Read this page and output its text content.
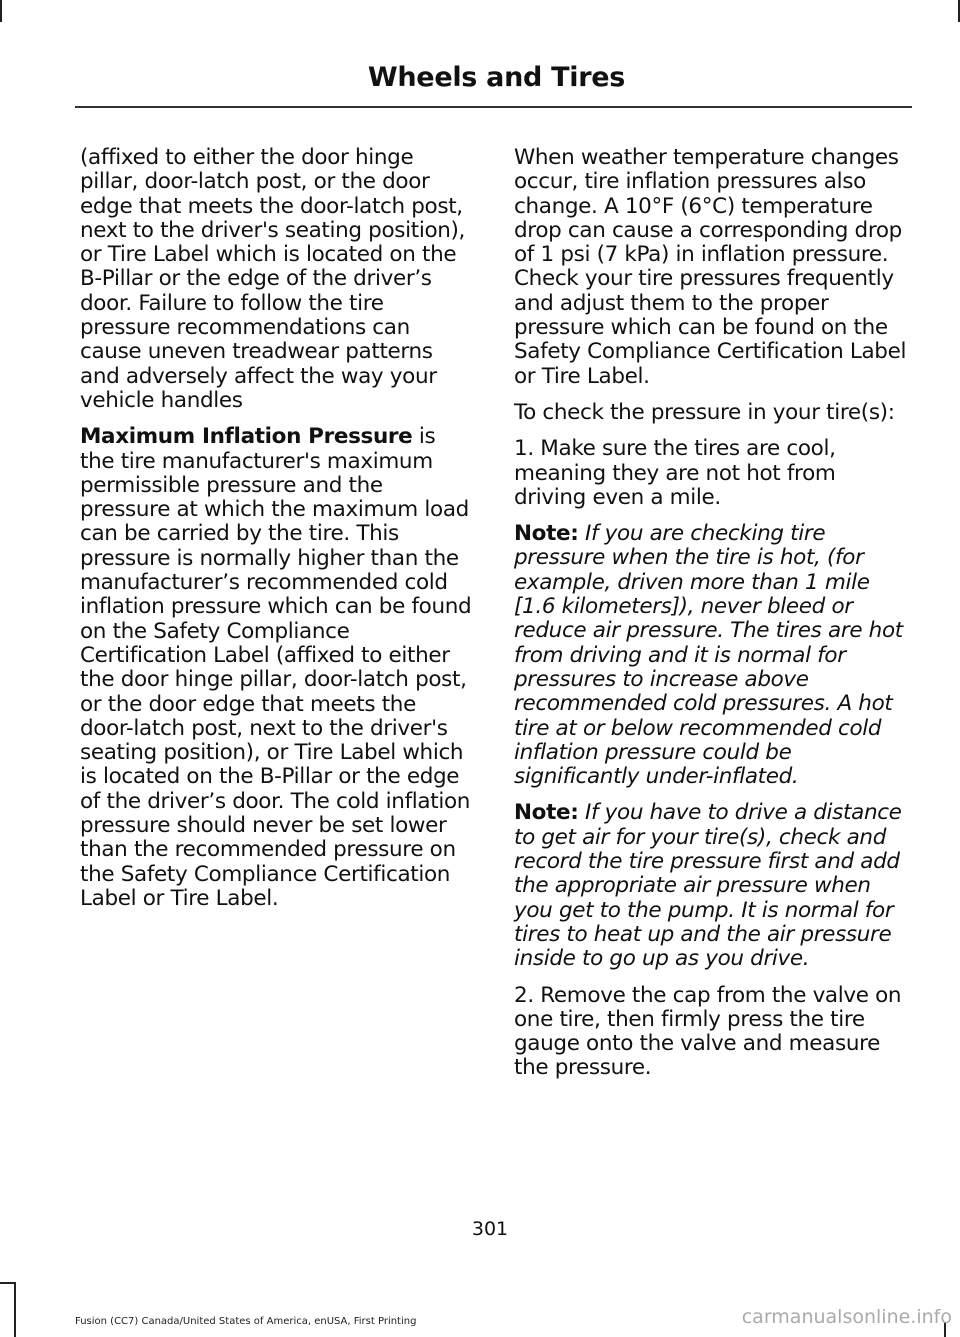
Wheels and Tires

(affixed to either the door hinge pillar, door-latch post, or the door edge that meets the door-latch post, next to the driver's seating position), or Tire Label which is located on the B-Pillar or the edge of the driver’s door. Failure to follow the tire pressure recommendations can cause uneven treadwear patterns and adversely affect the way your vehicle handles

Maximum Inflation Pressure is the tire manufacturer's maximum permissible pressure and the pressure at which the maximum load can be carried by the tire. This pressure is normally higher than the manufacturer’s recommended cold inflation pressure which can be found on the Safety Compliance Certification Label (affixed to either the door hinge pillar, door-latch post, or the door edge that meets the door-latch post, next to the driver's seating position), or Tire Label which is located on the B-Pillar or the edge of the driver’s door. The cold inflation pressure should never be set lower than the recommended pressure on the Safety Compliance Certification Label or Tire Label.

When weather temperature changes occur, tire inflation pressures also change. A 10°F (6°C) temperature drop can cause a corresponding drop of 1 psi (7 kPa) in inflation pressure. Check your tire pressures frequently and adjust them to the proper pressure which can be found on the Safety Compliance Certification Label or Tire Label.

To check the pressure in your tire(s):

1. Make sure the tires are cool, meaning they are not hot from driving even a mile.

Note: If you are checking tire pressure when the tire is hot, (for example, driven more than 1 mile [1.6 kilometers]), never bleed or reduce air pressure. The tires are hot from driving and it is normal for pressures to increase above recommended cold pressures. A hot tire at or below recommended cold inflation pressure could be significantly under-inflated.

Note: If you have to drive a distance to get air for your tire(s), check and record the tire pressure first and add the appropriate air pressure when you get to the pump. It is normal for tires to heat up and the air pressure inside to go up as you drive.

2. Remove the cap from the valve on one tire, then firmly press the tire gauge onto the valve and measure the pressure.

301
Fusion (CC7) Canada/United States of America, enUSA, First Printing	carmanualsonline.info
